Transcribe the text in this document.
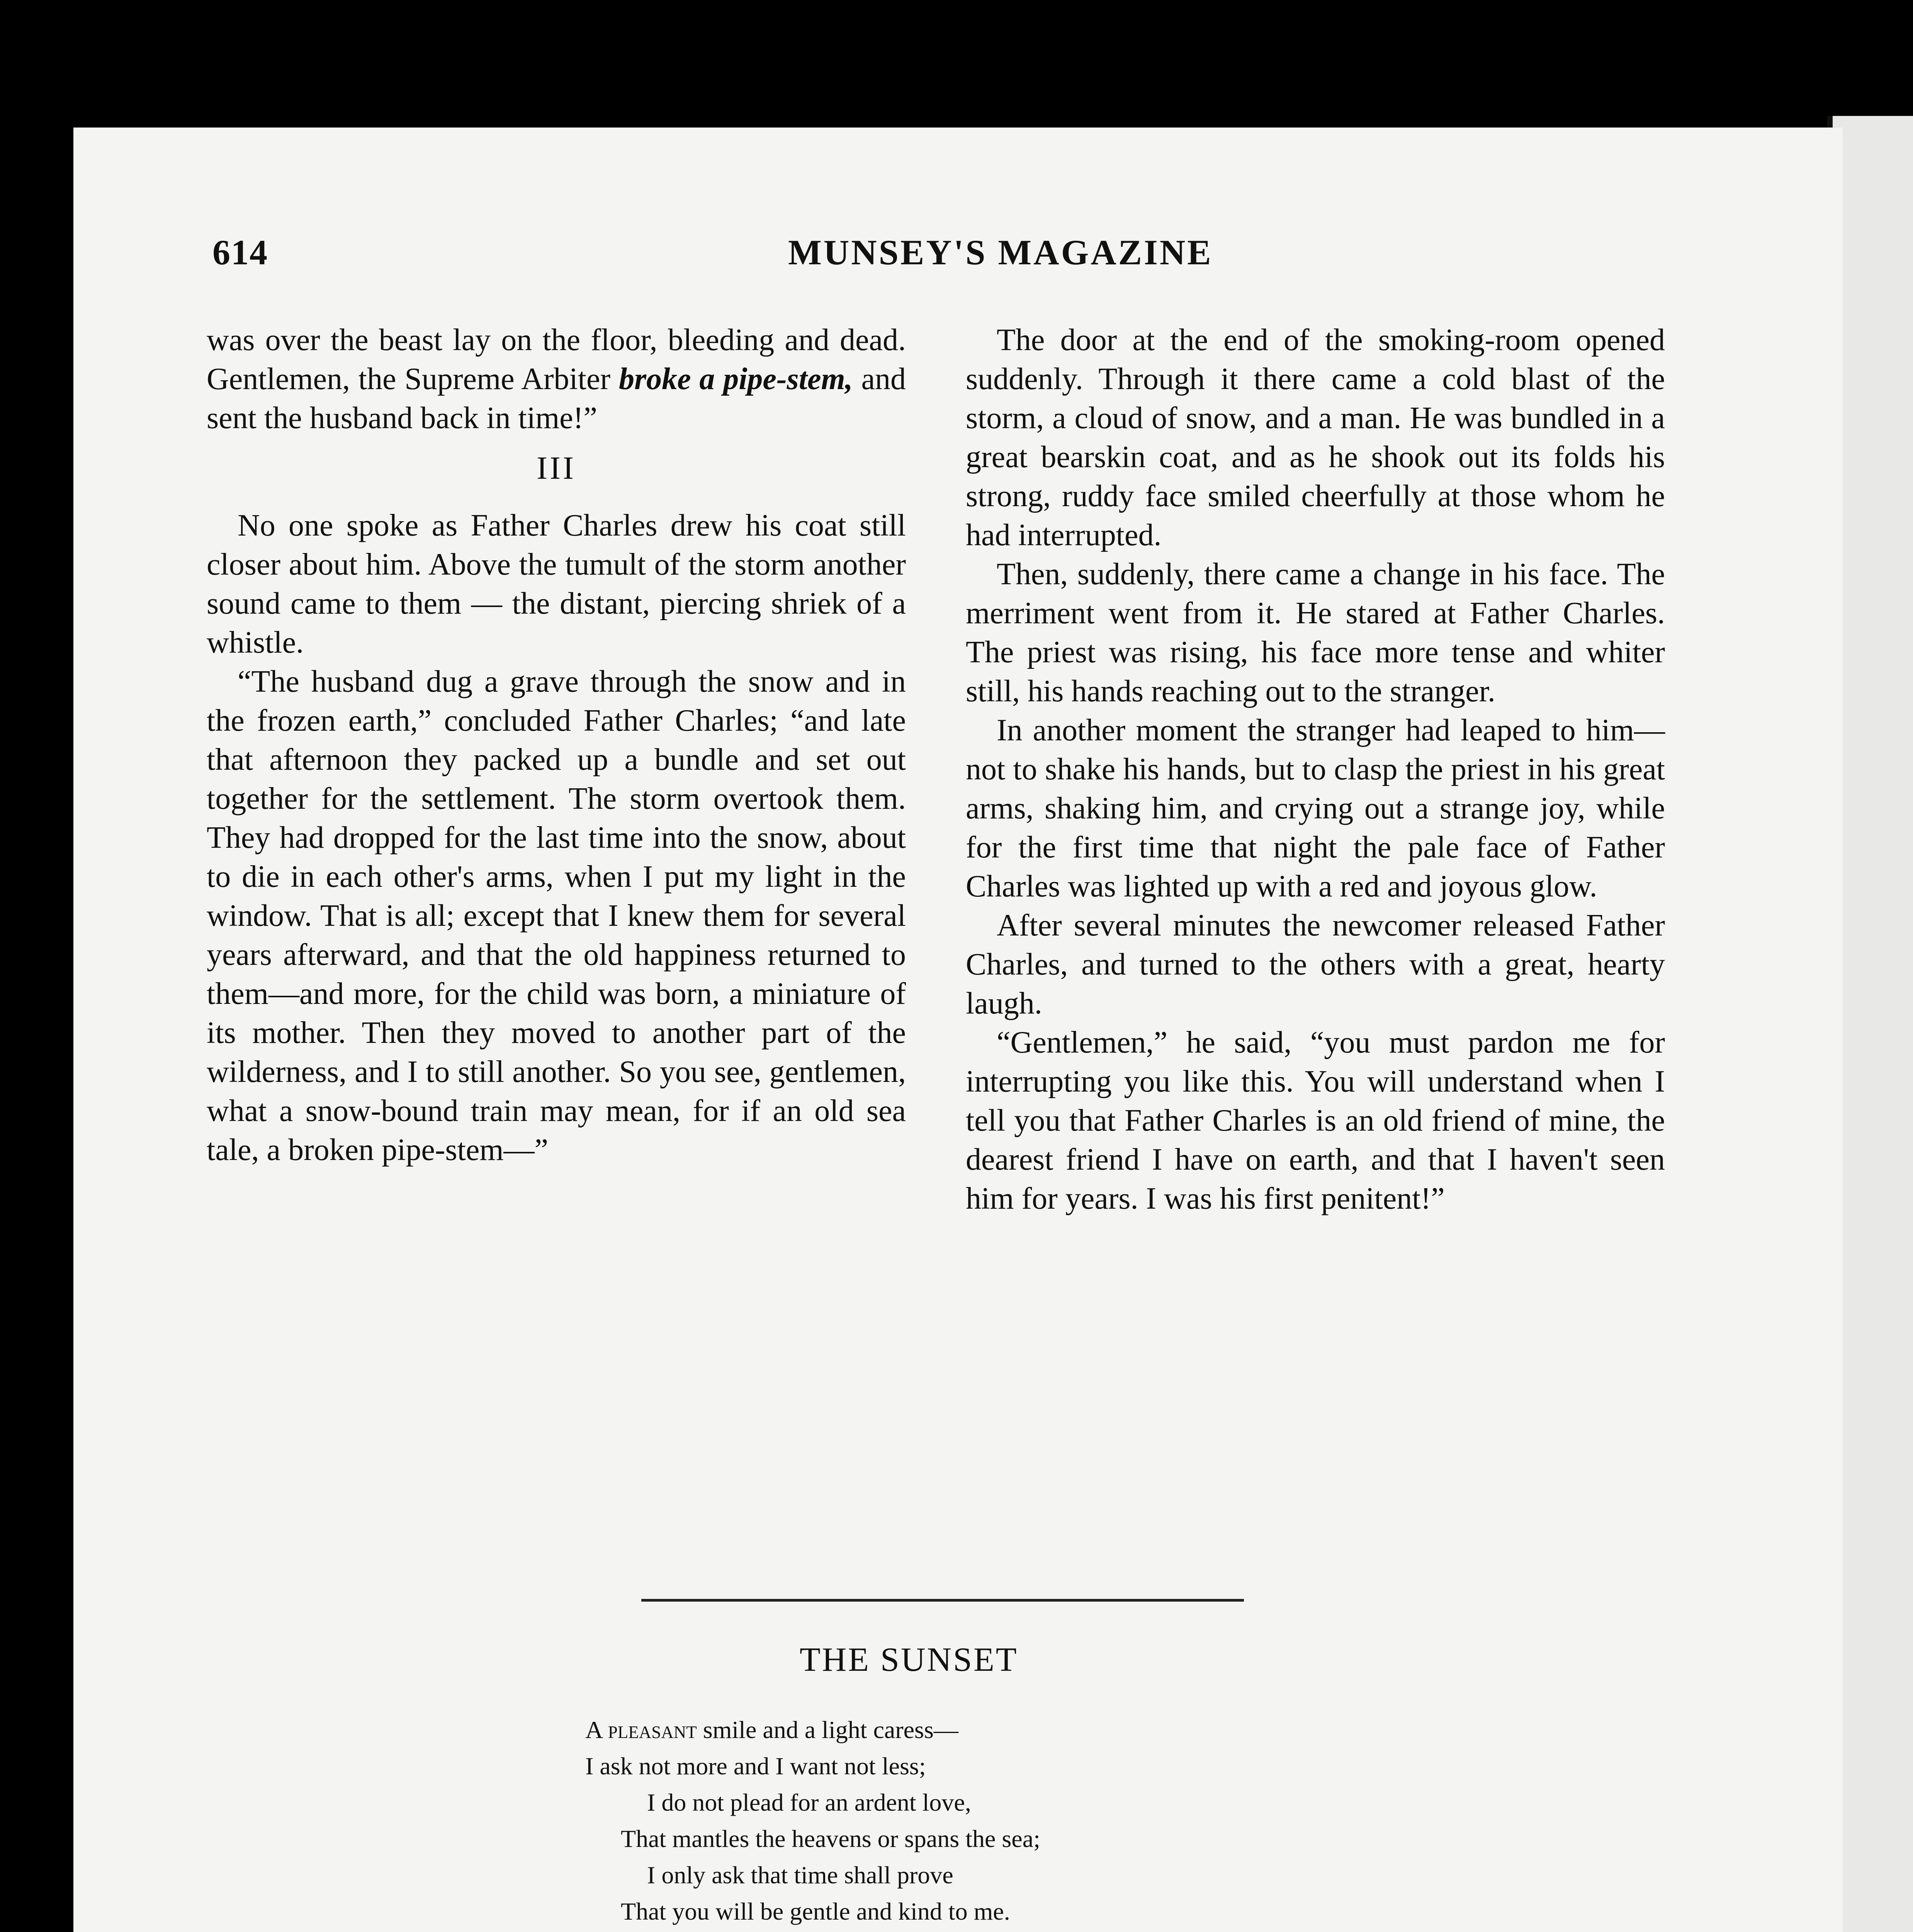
614	MUNSEY'S MAGAZINE

was over the beast lay on the floor, bleeding and dead. Gentlemen, the Supreme Arbiter broke a pipe-stem, and sent the husband back in time!”

III

No one spoke as Father Charles drew his coat still closer about him. Above the tumult of the storm another sound came to them — the distant, piercing shriek of a whistle.

“The husband dug a grave through the snow and in the frozen earth,” concluded Father Charles; “and late that afternoon they packed up a bundle and set out together for the settlement. The storm overtook them. They had dropped for the last time into the snow, about to die in each other's arms, when I put my light in the window. That is all; except that I knew them for several years afterward, and that the old happiness returned to them—and more, for the child was born, a miniature of its mother. Then they moved to another part of the wilderness, and I to still another. So you see, gentlemen, what a snow-bound train may mean, for if an old sea tale, a broken pipe-stem—”

The door at the end of the smoking-room opened suddenly. Through it there came a cold blast of the storm, a cloud of snow, and a man. He was bundled in a great bearskin coat, and as he shook out its folds his strong, ruddy face smiled cheerfully at those whom he had interrupted.

Then, suddenly, there came a change in his face. The merriment went from it. He stared at Father Charles. The priest was rising, his face more tense and whiter still, his hands reaching out to the stranger.

In another moment the stranger had leaped to him—not to shake his hands, but to clasp the priest in his great arms, shaking him, and crying out a strange joy, while for the first time that night the pale face of Father Charles was lighted up with a red and joyous glow.

After several minutes the newcomer released Father Charles, and turned to the others with a great, hearty laugh.

“Gentlemen,” he said, “you must pardon me for interrupting you like this. You will understand when I tell you that Father Charles is an old friend of mine, the dearest friend I have on earth, and that I haven't seen him for years. I was his first penitent!”

THE SUNSET
A pleasant smile and a light caress—
I ask not more and I want not less;
I do not plead for an ardent love,
That mantles the heavens or spans the sea;
I only ask that time shall prove
That you will be gentle and kind to me.
